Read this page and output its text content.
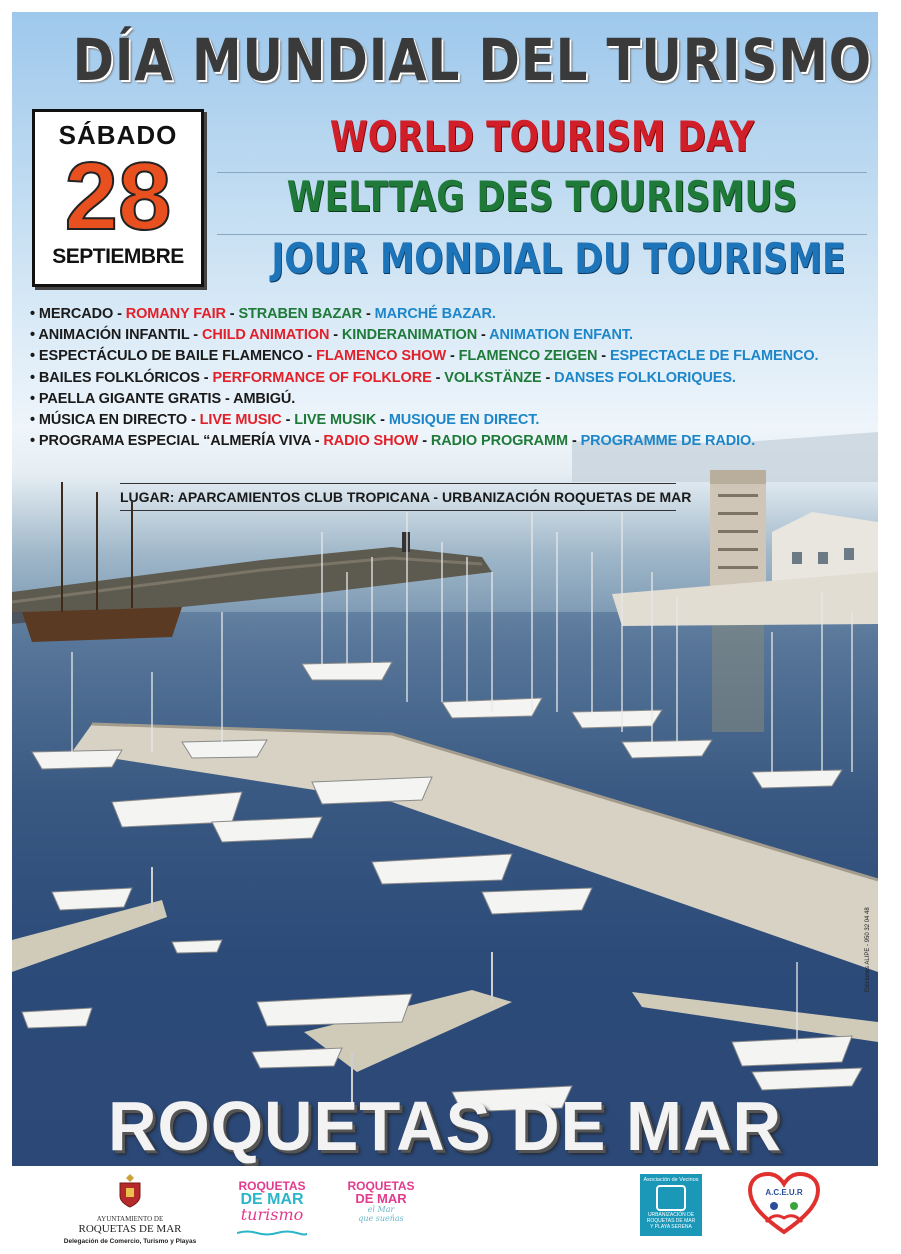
DÍA MUNDIAL DEL TURISMO
SÁBADO
28
SEPTIEMBRE
WORLD TOURISM DAY
WELTTAG DES TOURISMUS
JOUR MONDIAL DU TOURISME
• MERCADO - ROMANY FAIR - STRABEN BAZAR - MARCHÉ BAZAR.
• ANIMACIÓN INFANTIL - CHILD ANIMATION - KINDERANIMATION - ANIMATION ENFANT.
• ESPECTÁCULO DE BAILE FLAMENCO - FLAMENCO SHOW - FLAMENCO ZEIGEN - ESPECTACLE DE FLAMENCO.
• BAILES FOLKLÓRICOS - PERFORMANCE OF FOLKLORE - VOLKSTÄNZE - DANSES FOLKLORIQUES.
• PAELLA GIGANTE GRATIS - AMBIGÚ.
• MÚSICA EN DIRECTO - LIVE MUSIC - LIVE MUSIK - MUSIQUE EN DIRECT.
• PROGRAMA ESPECIAL “ALMERÍA VIVA - RADIO SHOW - RADIO PROGRAMM - PROGRAMME DE RADIO.
LUGAR: APARCAMIENTOS CLUB TROPICANA - URBANIZACIÓN ROQUETAS DE MAR
Ediciones ALIPE - 950 32 04 48
ROQUETAS DE MAR
AYUNTAMIENTO DE
ROQUETAS DE MAR
Delegación de Comercio, Turismo y Playas
ROQUETAS
DE MAR
turismo
ROQUETAS
DE MAR
el Mar
que sueñas
Asociación de Vecinos
URBANIZACIÓN DE
ROQUETAS DE MAR
Y PLAYA SERENA
A.C.E.U.R
